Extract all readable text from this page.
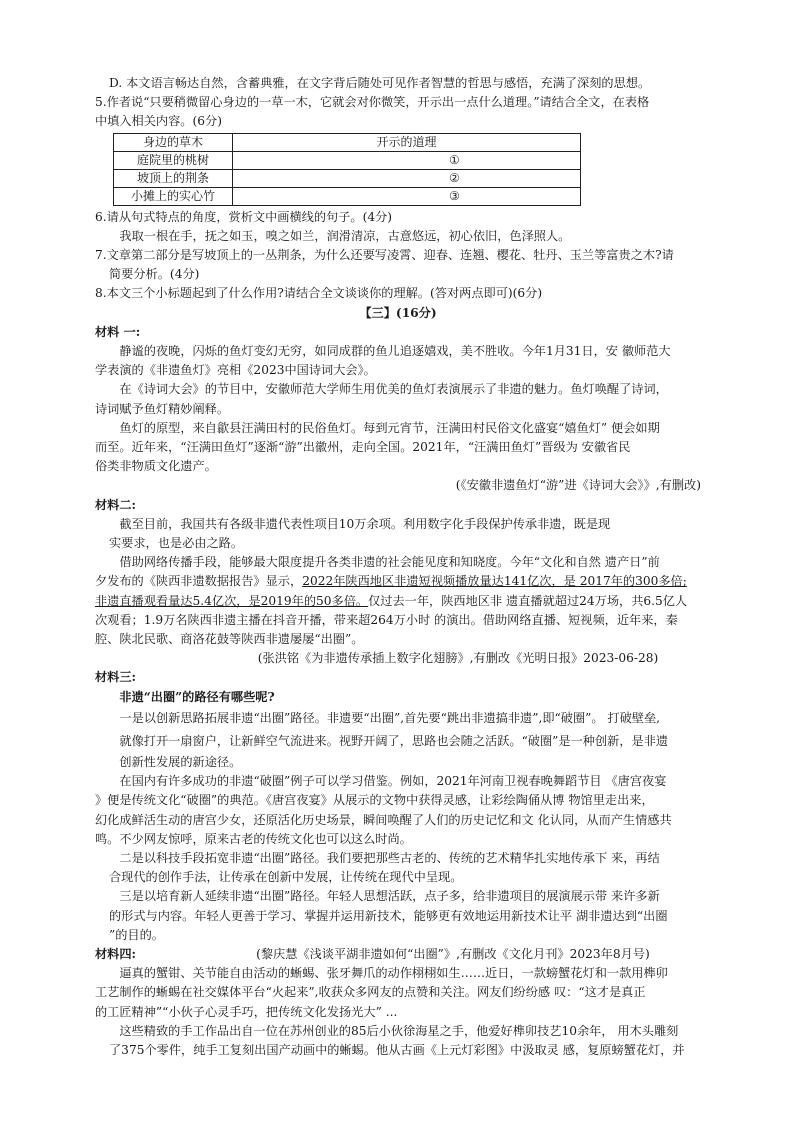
D. 本文语言畅达自然，含蓄典雅，在文字背后随处可见作者智慧的哲思与感悟，充满了深刻的思想。
5.作者说“只要稍微留心身边的一草一木，它就会对你微笑，开示出一点什么道理。”请结合全文，在表格
中填入相关内容。(6分)
身边的草木	开示的道理
庭院里的桃树	①
坡顶上的荆条	②
小摊上的实心竹	③
6.请从句式特点的角度，赏析文中画横线的句子。(4分)
我取一根在手，抚之如玉，嗅之如兰，润滑清凉，古意悠远，初心依旧，色泽照人。
7.文章第二部分是写坡顶上的一丛荆条，为什么还要写凌霄、迎春、连翘、樱花、牡丹、玉兰等富贵之木?请
简要分析。(4分)
8.本文三个小标题起到了什么作用?请结合全文谈谈你的理解。(答对两点即可)(6分)
【三】(16分)
材料 一:
静谧的夜晚，闪烁的鱼灯变幻无穷，如同成群的鱼儿追逐嬉戏，美不胜收。今年1月31日，安 徽师范大
学表演的《非遗鱼灯》亮相《2023中国诗词大会》。
在《诗词大会》的节目中，安徽师范大学师生用优美的鱼灯表演展示了非遗的魅力。鱼灯唤醒了诗词，
诗词赋予鱼灯精妙阐释。
鱼灯的原型，来自歙县汪满田村的民俗鱼灯。每到元宵节，汪满田村民俗文化盛宴“嬉鱼灯” 便会如期
而至。近年来，“汪满田鱼灯”逐渐“游”出徽州，走向全国。2021年，“汪满田鱼灯”晋级为 安徽省民
俗类非物质文化遗产。
(《安徽非遗鱼灯“游”进《诗词大会》》,有删改)
材料二:
截至目前，我国共有各级非遗代表性项目10万余项。利用数字化手段保护传承非遗，既是现
实要求，也是必由之路。
借助网络传播手段，能够最大限度提升各类非遗的社会能见度和知晓度。今年“文化和自然 遗产日”前
夕发布的《陕西非遗数据报告》显示，2022年陕西地区非遗短视频播放量达141亿次，是 2017年的300多倍;
非遗直播观看量达5.4亿次，是2019年的50多倍。仅过去一年，陕西地区非 遗直播就超过24万场，共6.5亿人
次观看；1.9万名陕西非遗主播在抖音开播，带来超264万小时 的演出。借助网络直播、短视频，近年来，秦
腔、陕北民歌、商洛花鼓等陕西非遗屡屡“出圈”。
(张洪铭《为非遗传承插上数字化翅膀》,有删改《光明日报》2023-06-28)
材料三:
非遗“出圈”的路径有哪些呢?
一是以创新思路拓展非遗“出圈”路径。非遗要“出圈”,首先要“跳出非遗搞非遗”,即“破圈”。 打破壁垒,
就像打开一扇窗户，让新鲜空气流进来。视野开阔了，思路也会随之活跃。“破圈”是一种创新，是非遗
创新性发展的新途径。
在国内有许多成功的非遗“破圈”例子可以学习借鉴。例如，2021年河南卫视春晚舞蹈节目 《唐宫夜宴
》便是传统文化“破圈”的典范。《唐宫夜宴》从展示的文物中获得灵感，让彩绘陶俑从博 物馆里走出来，
幻化成鲜活生动的唐宫少女，还原活化历史场景，瞬间唤醒了人们的历史记忆和文 化认同，从而产生情感共
鸣。不少网友惊呼，原来古老的传统文化也可以这么时尚。
二是以科技手段拓宽非遗“出圈”路径。我们要把那些古老的、传统的艺术精华扎实地传承下 来，再结
合现代的创作手法，让传承在创新中发展，让传统在现代中呈现。
三是以培育新人延续非遗“出圈”路径。年轻人思想活跃，点子多，给非遗项目的展演展示带 来许多新
的形式与内容。年轻人更善于学习、掌握并运用新技术，能够更有效地运用新技术让平 湖非遗达到“出圈
”的目的。
材料四:	(黎庆慧《浅谈平湖非遗如何“出圈”》,有删改《文化月刊》2023年8月号)
逼真的蟹钳、关节能自由活动的蜥蜴、张牙舞爪的动作栩栩如生……近日，一款螃蟹花灯和一款用榫卯
工艺制作的蜥蜴在社交媒体平台“火起来”,收获众多网友的点赞和关注。网友们纷纷感 叹：“这才是真正
的工匠精神”“小伙子心灵手巧，把传统文化发扬光大” ...
这些精致的手工作品出自一位在苏州创业的85后小伙徐海星之手，他爱好榫卯技艺10余年， 用木头雕刻
了375个零件，纯手工复刻出国产动画中的蜥蜴。他从古画《上元灯彩图》中汲取灵 感，复原螃蟹花灯，并
